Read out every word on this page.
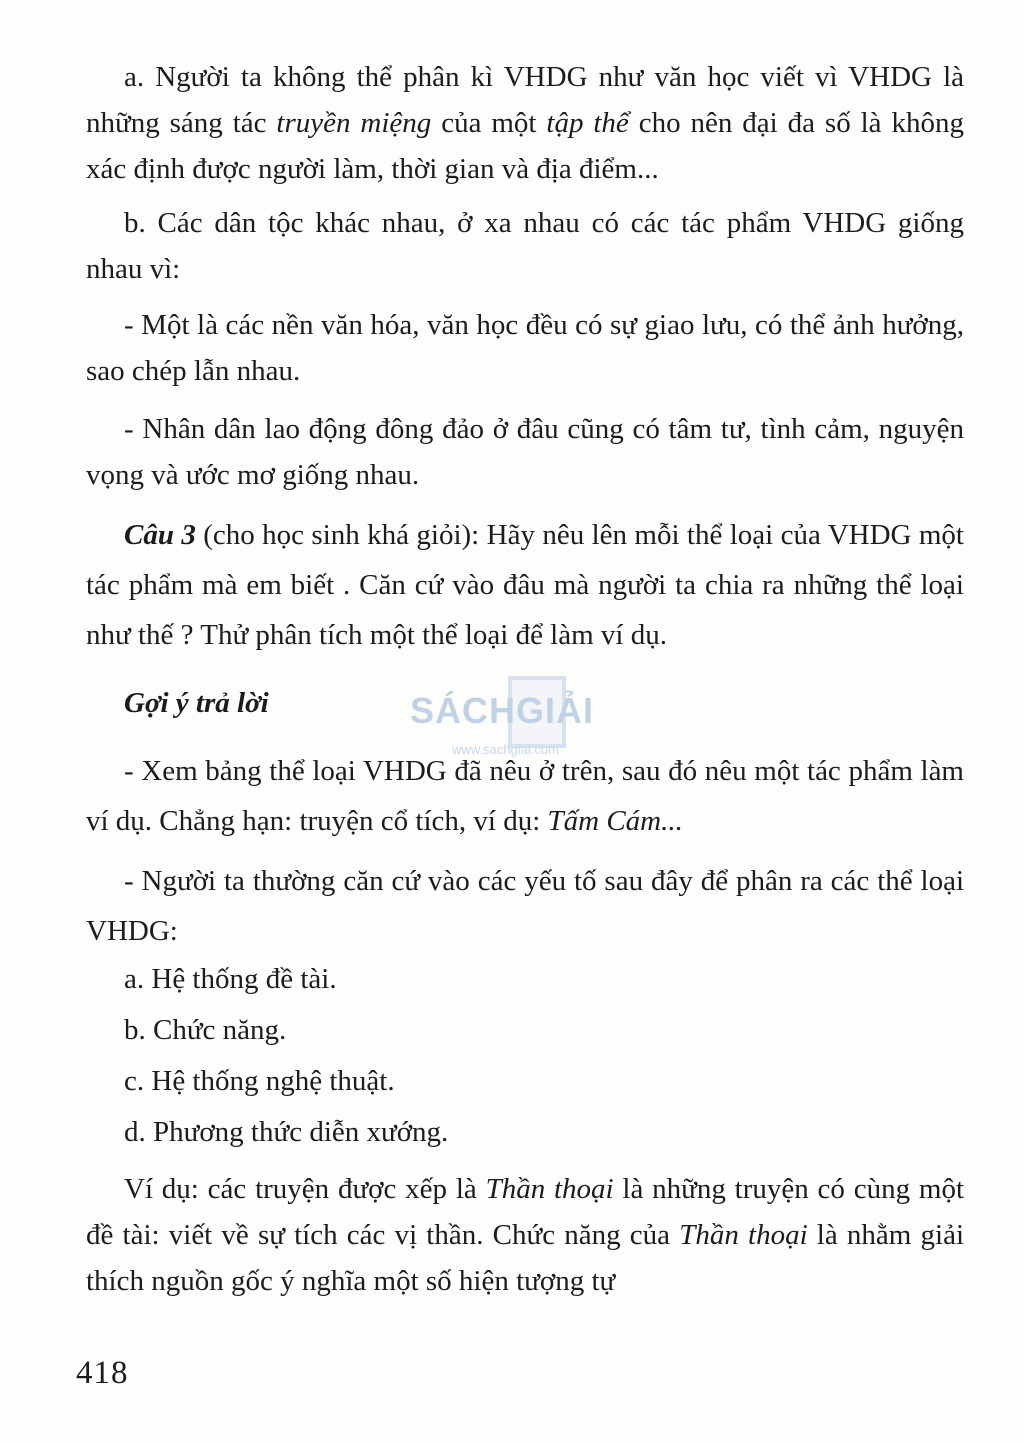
a. Người ta không thể phân kì VHDG như văn học viết vì VHDG là những sáng tác truyền miệng của một tập thể cho nên đại đa số là không xác định được người làm, thời gian và địa điểm...

b. Các dân tộc khác nhau, ở xa nhau có các tác phẩm VHDG giống nhau vì:

- Một là các nền văn hóa, văn học đều có sự giao lưu, có thể ảnh hưởng, sao chép lẫn nhau.

- Nhân dân lao động đông đảo ở đâu cũng có tâm tư, tình cảm, nguyện vọng và ước mơ giống nhau.

Câu 3 (cho học sinh khá giỏi): Hãy nêu lên mỗi thể loại của VHDG một tác phẩm mà em biết . Căn cứ vào đâu mà người ta chia ra những thể loại như thế ? Thử phân tích một thể loại để làm ví dụ.

Gợi ý trả lời

- Xem bảng thể loại VHDG đã nêu ở trên, sau đó nêu một tác phẩm làm ví dụ. Chẳng hạn: truyện cổ tích, ví dụ: Tấm Cám...

- Người ta thường căn cứ vào các yếu tố sau đây để phân ra các thể loại VHDG:

a. Hệ thống đề tài.

b. Chức năng.

c. Hệ thống nghệ thuật.

d. Phương thức diễn xướng.

Ví dụ: các truyện được xếp là Thần thoại là những truyện có cùng một đề tài: viết về sự tích các vị thần. Chức năng của Thần thoại là nhằm giải thích nguồn gốc ý nghĩa một số hiện tượng tự

418
SÁCHGIẢI
www.sachgiai.com
